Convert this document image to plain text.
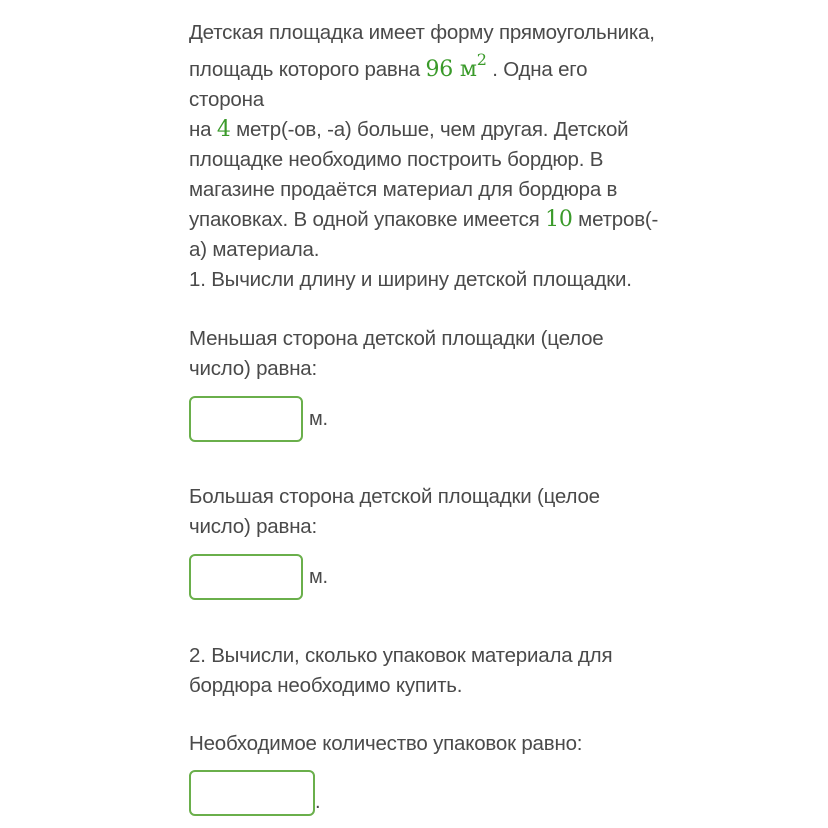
Детская площадка имеет форму прямоугольника,
площадь которого равна 96 $м^2$ . Одна его сторона
на 4 метр(-ов, -а) больше, чем другая. Детской площадке необходимо построить бордюр. В магазине продаётся материал для бордюра в упаковках. В одной упаковке имеется 10 метров(-а) материала.
1. Вычисли длину и ширину детской площадки.
Меньшая сторона детской площадки (целое число) равна:
м.
Большая сторона детской площадки (целое число) равна:
м.
2. Вычисли, сколько упаковок материала для бордюра необходимо купить.
Необходимое количество упаковок равно:
.
